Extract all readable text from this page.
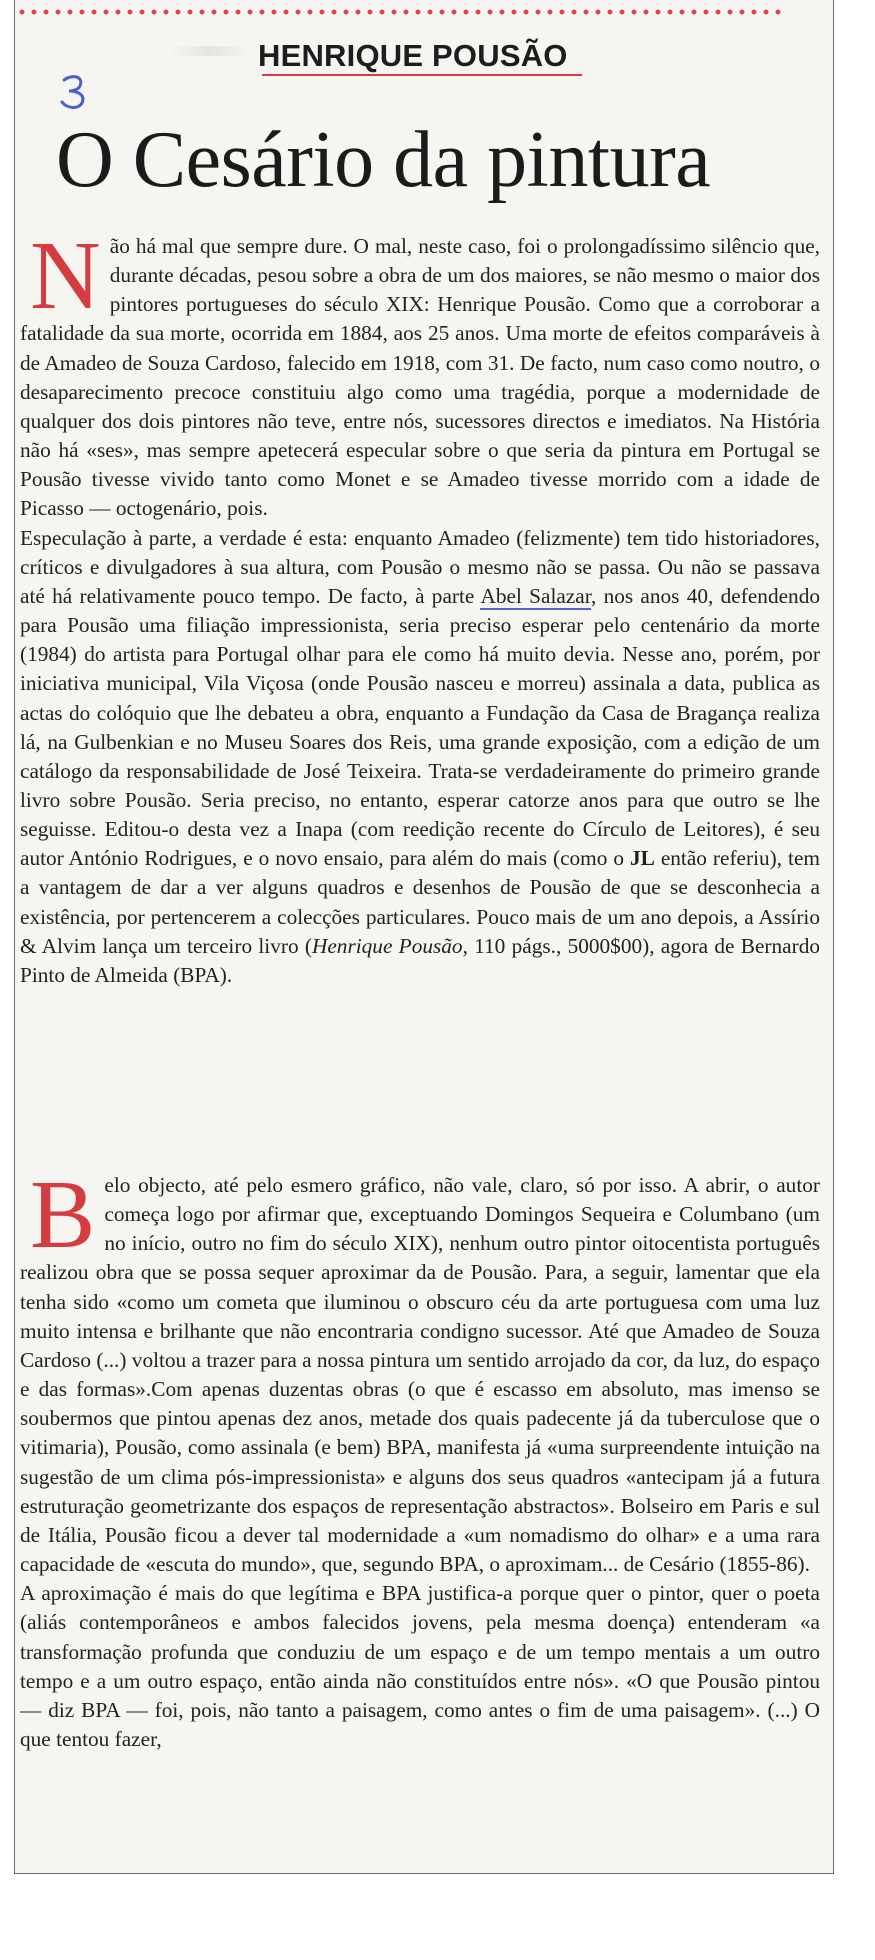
HENRIQUE POUSÃO
O Cesário da pintura

Não há mal que sempre dure. O mal, neste caso, foi o prolongadíssimo silêncio que, durante décadas, pesou sobre a obra de um dos maiores, se não mesmo o maior dos pintores portugueses do século XIX: Henrique Pousão. Como que a corroborar a fatalidade da sua morte, ocorrida em 1884, aos 25 anos. Uma morte de efeitos comparáveis à de Amadeo de Souza Cardoso, falecido em 1918, com 31. De facto, num caso como noutro, o desaparecimento precoce constituiu algo como uma tragédia, porque a modernidade de qualquer dos dois pintores não teve, entre nós, sucessores directos e imediatos. Na História não há «ses», mas sempre apetecerá especular sobre o que seria da pintura em Portugal se Pousão tivesse vivido tanto como Monet e se Amadeo tivesse morrido com a idade de Picasso — octogenário, pois.

Especulação à parte, a verdade é esta: enquanto Amadeo (felizmente) tem tido historiadores, críticos e divulgadores à sua altura, com Pousão o mesmo não se passa. Ou não se passava até há relativamente pouco tempo. De facto, à parte Abel Salazar, nos anos 40, defendendo para Pousão uma filiação impressionista, seria preciso esperar pelo centenário da morte (1984) do artista para Portugal olhar para ele como há muito devia. Nesse ano, porém, por iniciativa municipal, Vila Viçosa (onde Pousão nasceu e morreu) assinala a data, publica as actas do colóquio que lhe debateu a obra, enquanto a Fundação da Casa de Bragança realiza lá, na Gulbenkian e no Museu Soares dos Reis, uma grande exposição, com a edição de um catálogo da responsabilidade de José Teixeira. Trata-se verdadeiramente do primeiro grande livro sobre Pousão. Seria preciso, no entanto, esperar catorze anos para que outro se lhe seguisse. Editou-o desta vez a Inapa (com reedição recente do Círculo de Leitores), é seu autor António Rodrigues, e o novo ensaio, para além do mais (como o JL então referiu), tem a vantagem de dar a ver alguns quadros e desenhos de Pousão de que se desconhecia a existência, por pertencerem a colecções particulares. Pouco mais de um ano depois, a Assírio & Alvim lança um terceiro livro (Henrique Pousão, 110 págs., 5000$00), agora de Bernardo Pinto de Almeida (BPA).

Belo objecto, até pelo esmero gráfico, não vale, claro, só por isso. A abrir, o autor começa logo por afirmar que, exceptuando Domingos Sequeira e Columbano (um no início, outro no fim do século XIX), nenhum outro pintor oitocentista português realizou obra que se possa sequer aproximar da de Pousão. Para, a seguir, lamentar que ela tenha sido «como um cometa que iluminou o obscuro céu da arte portuguesa com uma luz muito intensa e brilhante que não encontraria condigno sucessor. Até que Amadeo de Souza Cardoso (...) voltou a trazer para a nossa pintura um sentido arrojado da cor, da luz, do espaço e das formas».Com apenas duzentas obras (o que é escasso em absoluto, mas imenso se soubermos que pintou apenas dez anos, metade dos quais padecente já da tuberculose que o vitimaria), Pousão, como assinala (e bem) BPA, manifesta já «uma surpreendente intuição na sugestão de um clima pós-impressionista» e alguns dos seus quadros «antecipam já a futura estruturação geometrizante dos espaços de representação abstractos». Bolseiro em Paris e sul de Itália, Pousão ficou a dever tal modernidade a «um nomadismo do olhar» e a uma rara capacidade de «escuta do mundo», que, segundo BPA, o aproximam... de Cesário (1855-86).

A aproximação é mais do que legítima e BPA justifica-a porque quer o pintor, quer o poeta (aliás contemporâneos e ambos falecidos jovens, pela mesma doença) entenderam «a transformação profunda que conduziu de um espaço e de um tempo mentais a um outro tempo e a um outro espaço, então ainda não constituídos entre nós». «O que Pousão pintou — diz BPA — foi, pois, não tanto a paisagem, como antes o fim de uma paisagem». (...) O que tentou fazer,
